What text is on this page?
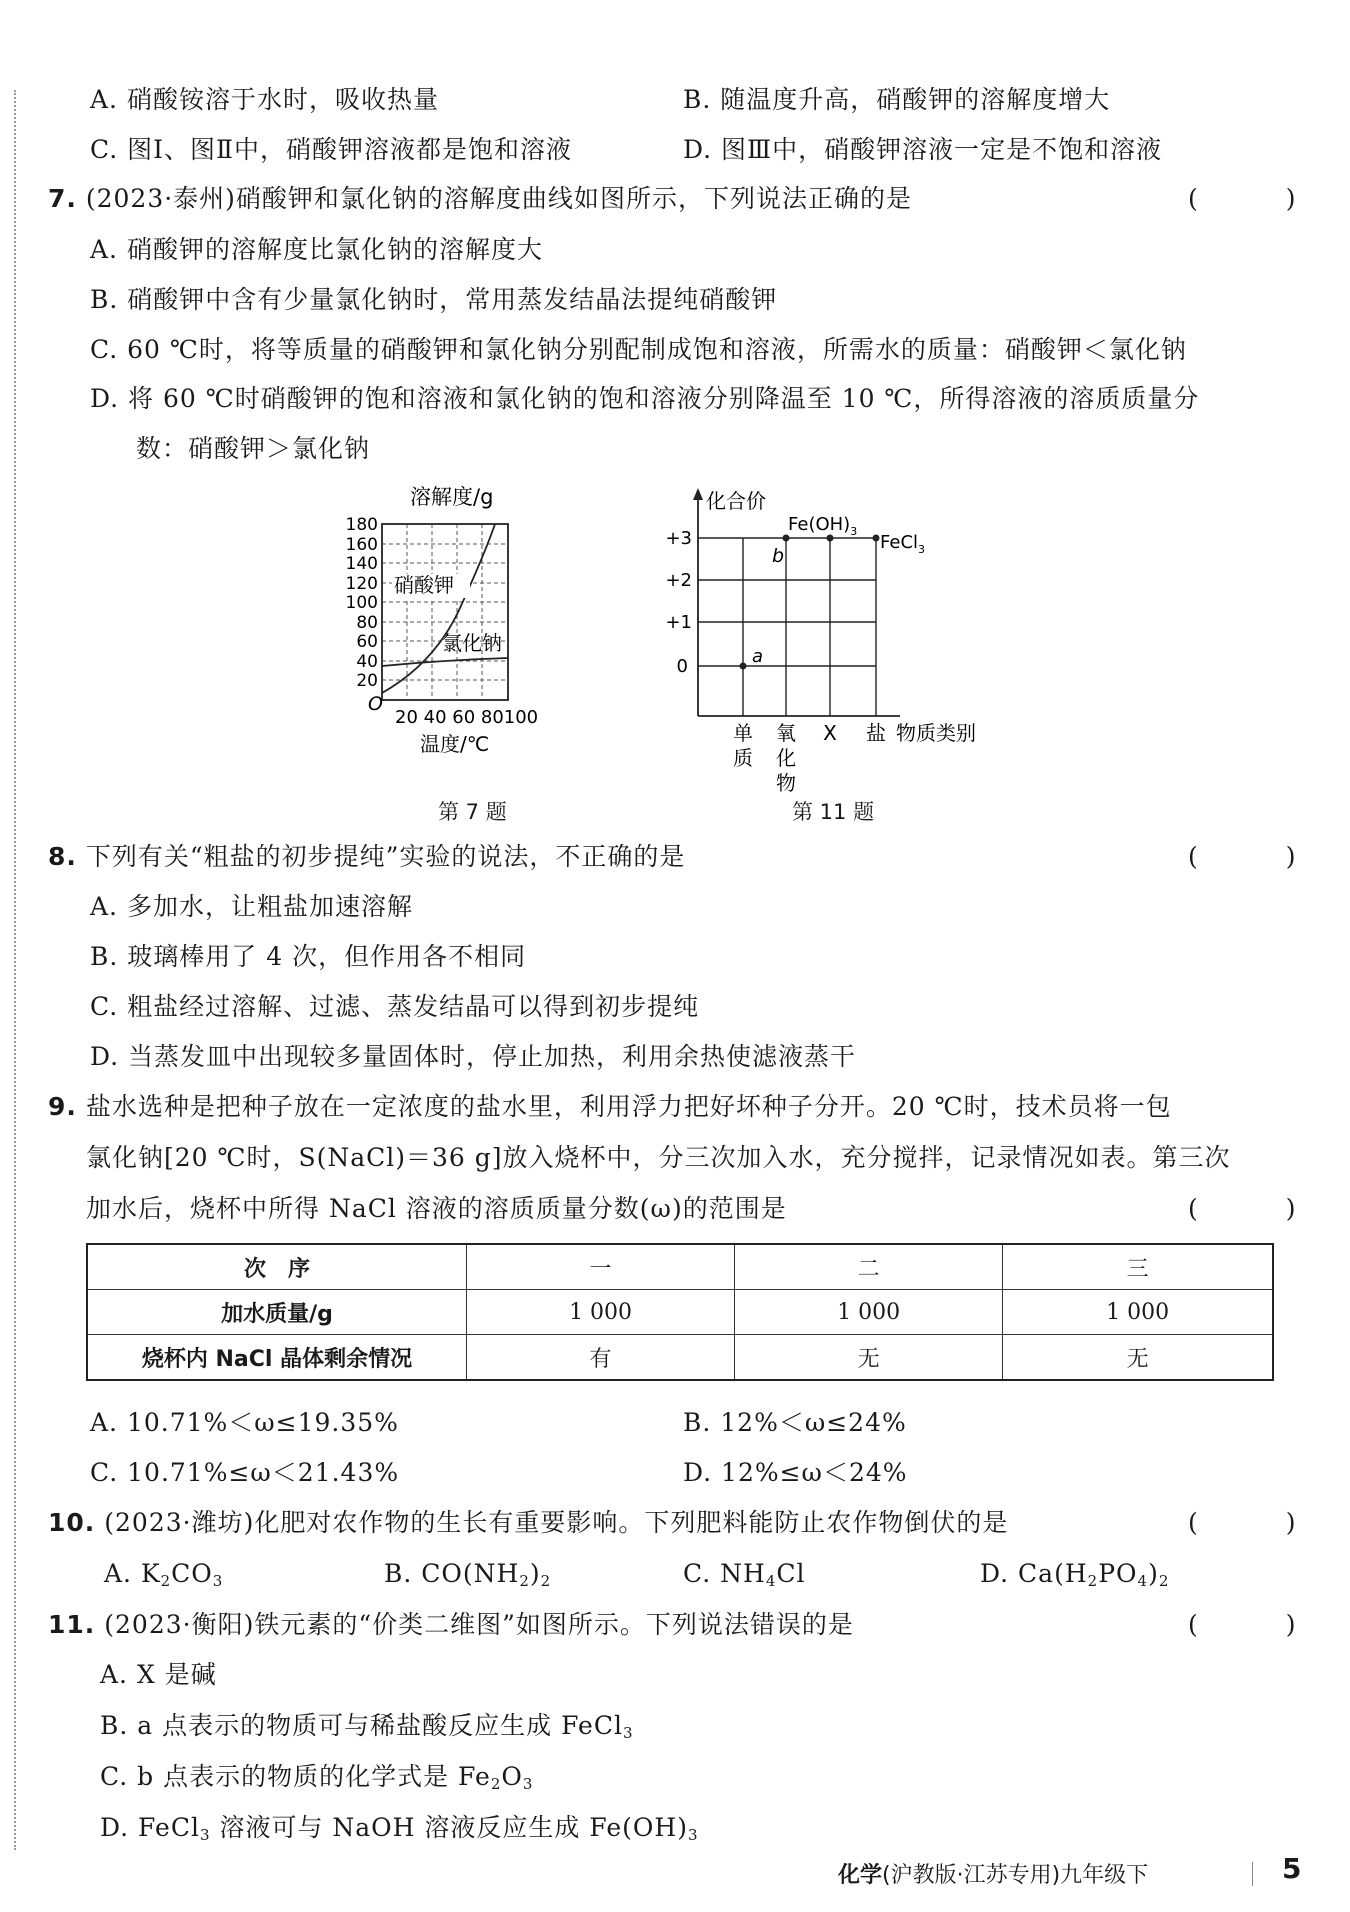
A. 硝酸铵溶于水时，吸收热量	B. 随温度升高，硝酸钾的溶解度增大
C. 图Ⅰ、图Ⅱ中，硝酸钾溶液都是饱和溶液	D. 图Ⅲ中，硝酸钾溶液一定是不饱和溶液
7. (2023·泰州)硝酸钾和氯化钠的溶解度曲线如图所示，下列说法正确的是	( )
A. 硝酸钾的溶解度比氯化钠的溶解度大
B. 硝酸钾中含有少量氯化钠时，常用蒸发结晶法提纯硝酸钾
C. 60 ℃时，将等质量的硝酸钾和氯化钠分别配制成饱和溶液，所需水的质量：硝酸钾＜氯化钠
D. 将 60 ℃时硝酸钾的饱和溶液和氯化钠的饱和溶液分别降温至 10 ℃，所得溶液的溶质质量分
数：硝酸钾＞氯化钠
溶解度/g
180
160
140
120
100
80
60
40
20
O
20 40 60 80100
温度/℃
硝酸钾
氯化钠
第 7 题
化合价
+3
+2
+1
0	a
b
$Fe(OH)_3$
FeCl$_3$
单质
氧化物
X 盐 物质类别
第 11 题
8. 下列有关“粗盐的初步提纯”实验的说法，不正确的是	( )
A. 多加水，让粗盐加速溶解
B. 玻璃棒用了 4 次，但作用各不相同
C. 粗盐经过溶解、过滤、蒸发结晶可以得到初步提纯
D. 当蒸发皿中出现较多量固体时，停止加热，利用余热使滤液蒸干
9. 盐水选种是把种子放在一定浓度的盐水里，利用浮力把好坏种子分开。20 ℃时，技术员将一包
氯化钠[20 ℃时，S(NaCl)＝36 g]放入烧杯中，分三次加入水，充分搅拌，记录情况如表。第三次
加水后，烧杯中所得 NaCl 溶液的溶质质量分数(ω)的范围是	( )
次　序	一	二	三
加水质量/g	1 000	1 000	1 000
烧杯内 NaCl 晶体剩余情况	有	无	无
A. 10.71%＜ω≤19.35%	B. 12%＜ω≤24%
C. 10.71%≤ω＜21.43%	D. 12%≤ω＜24%
10. (2023·潍坊)化肥对农作物的生长有重要影响。下列肥料能防止农作物倒伏的是	( )
A. $K_2CO_3$	B. $CO(NH_2)_2$	C. $NH_4Cl$	D. $Ca(H_2PO_4)_2$
11. (2023·衡阳)铁元素的“价类二维图”如图所示。下列说法错误的是	( )
A. X 是碱
B. a 点表示的物质可与稀盐酸反应生成 FeCl$_3$
C. b 点表示的物质的化学式是 $Fe_2O_3$
D. FeCl$_3$ 溶液可与 NaOH 溶液反应生成 $Fe(OH)_3$
化学(沪教版·江苏专用)九年级下	5
